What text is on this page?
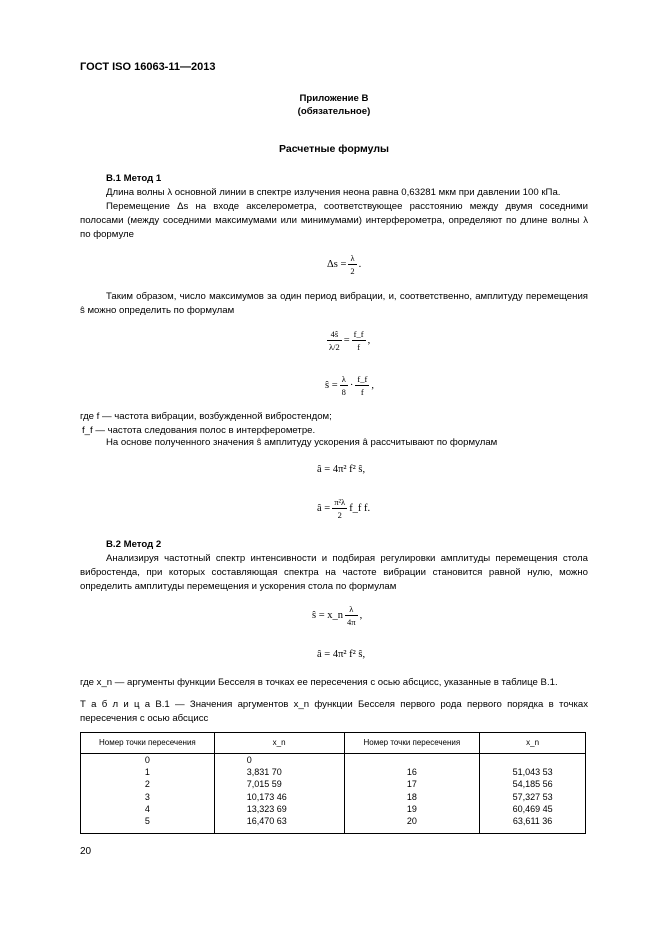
ГОСТ ISO 16063-11—2013
Приложение В
(обязательное)
Расчетные формулы
В.1 Метод 1
Длина волны λ основной линии в спектре излучения неона равна 0,63281 мкм при давлении 100 кПа.
Перемещение Δs на входе акселерометра, соответствующее расстоянию между двумя соседними полосами (между соседними максимумами или минимумами) интерферометра, определяют по длине волны λ по формуле
$\Delta s = \frac{\lambda}{2}$ .
Таким образом, число максимумов за один период вибрации, и, соответственно, амплитуду перемещения ŝ можно определить по формулам
$\frac{4ŝ}{\lambda/2} = \frac{f\_f}{f}$ ,
ŝ = $\frac{\lambda}{8} \cdot \frac{f\_f}{f}$ ,
где f — частота вибрации, возбужденной вибростендом;
f_f — частота следования полос в интерферометре.
На основе полученного значения ŝ амплитуду ускорения â рассчитывают по формулам
â = 4π² f² ŝ,
â = $\frac{\text{π²λ}}{2}$ f_f f.
В.2 Метод 2
Анализируя частотный спектр интенсивности и подбирая регулировки амплитуды перемещения стола вибростенда, при которых составляющая спектра на частоте вибрации становится равной нулю, можно определить амплитуды перемещения и ускорения стола по формулам
ŝ = x_n $\frac{\lambda}{4\pi}$ ,
â = 4π² f² ŝ,
где x_n — аргументы функции Бесселя в точках ее пересечения с осью абсцисс, указанные в таблице В.1.
Т а б л и ц а В.1 — Значения аргументов x_n функции Бесселя первого рода первого порядка в точках пересечения с осью абсцисс
Номер точки пересечения	x_n	Номер точки пересечения	x_n
0	0		
1	3,831 70	16	51,043 53
2	7,015 59	17	54,185 56
3	10,173 46	18	57,327 53
4	13,323 69	19	60,469 45
5	16,470 63	20	63,611 36
20
